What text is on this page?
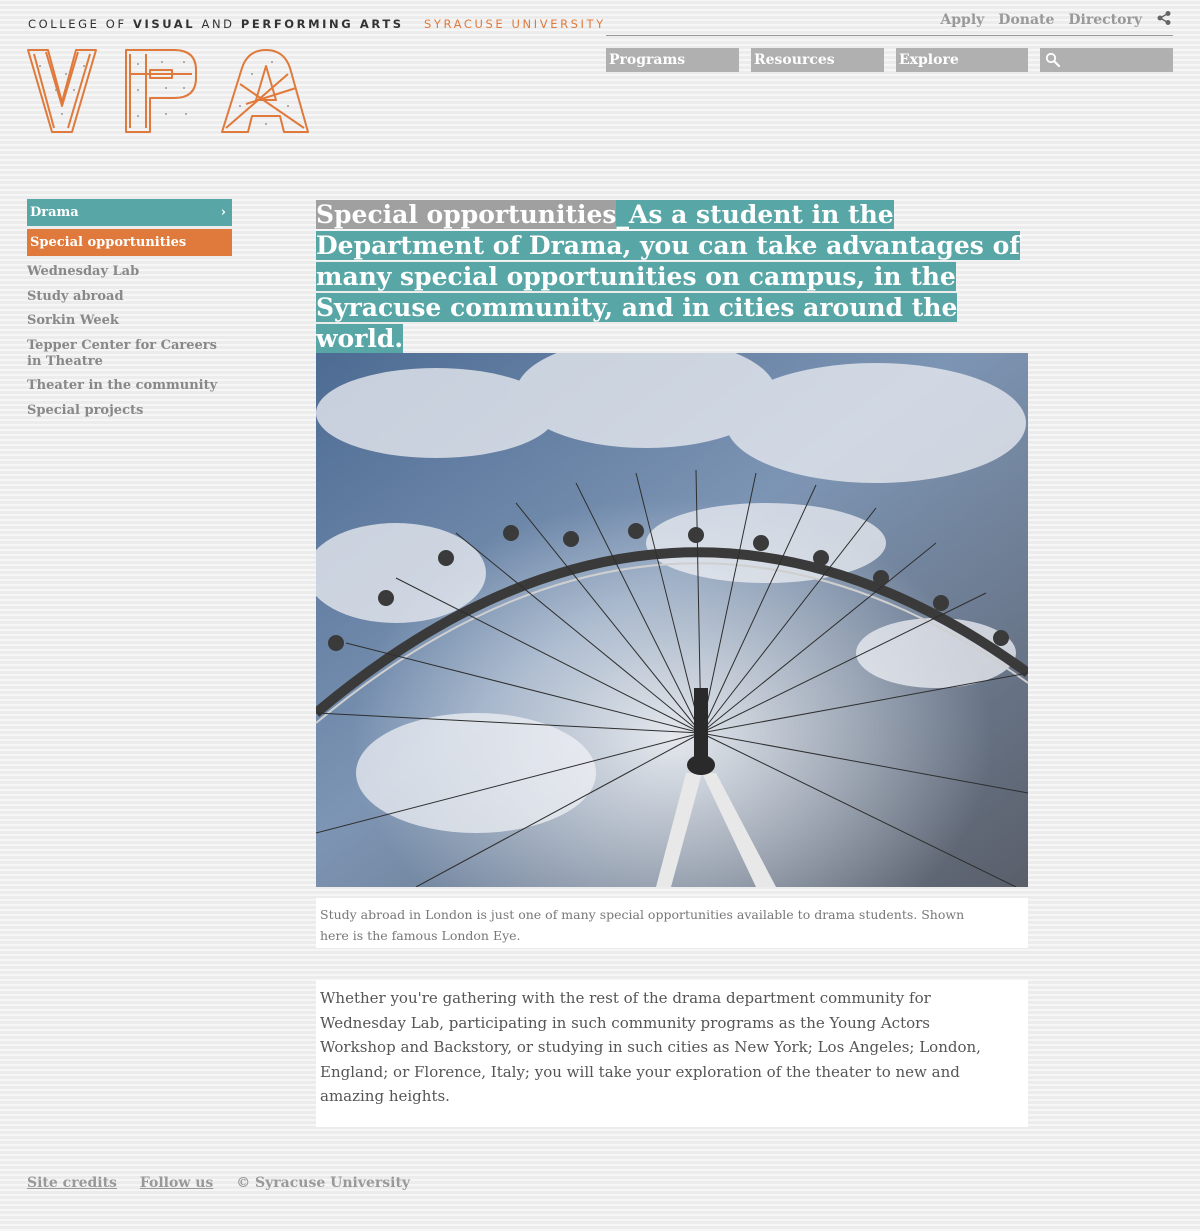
COLLEGE OF VISUAL AND PERFORMING ARTS SYRACUSE UNIVERSITY	Apply Donate Directory
Programs	Resources	Explore
Drama	›
Special opportunities
Wednesday Lab
Study abroad
Sorkin Week
Tepper Center for Careers in Theatre
Theater in the community
Special projects
Special opportunities_As a student in the Department of Drama, you can take advantages of many special opportunities on campus, in the Syracuse community, and in cities around the world.
Study abroad in London is just one of many special opportunities available to drama students. Shown here is the famous London Eye.
Whether you're gathering with the rest of the drama department community for Wednesday Lab, participating in such community programs as the Young Actors Workshop and Backstory, or studying in such cities as New York; Los Angeles; London, England; or Florence, Italy; you will take your exploration of the theater to new and amazing heights.
Site credits Follow us © Syracuse University
